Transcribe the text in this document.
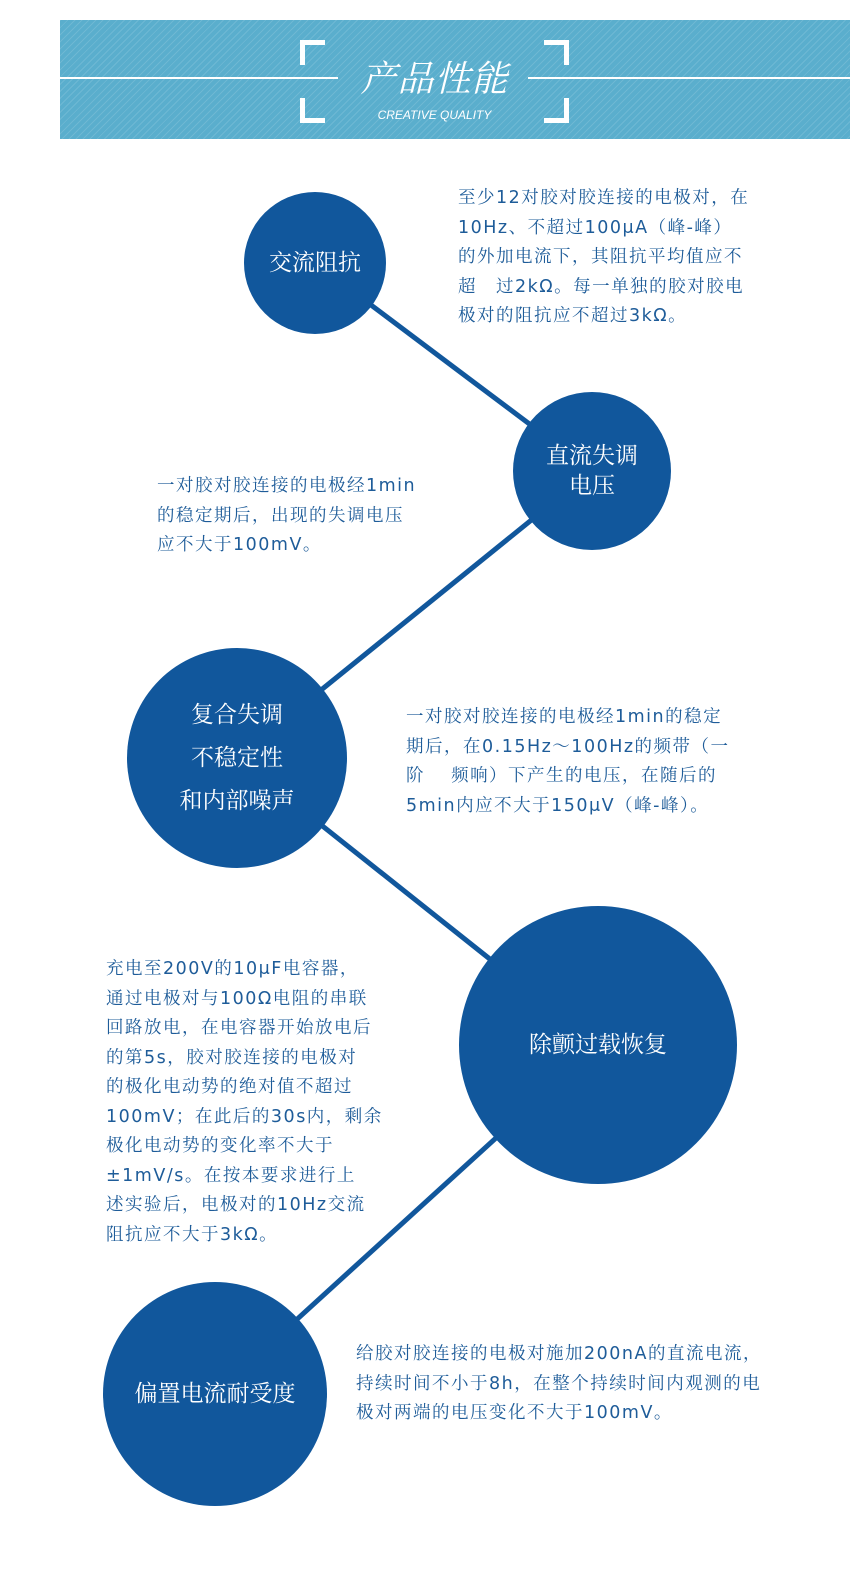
产品性能
CREATIVE QUALITY
交流阻抗
直流失调
电压
复合失调
不稳定性
和内部噪声
除颤过载恢复
偏置电流耐受度

至少12对胶对胶连接的电极对，在
10Hz、不超过100μA（峰-峰）
的外加电流下，其阻抗平均值应不
超　过2kΩ。每一单独的胶对胶电
极对的阻抗应不超过3kΩ。

一对胶对胶连接的电极经1min
的稳定期后，出现的失调电压
应不大于100mV。

一对胶对胶连接的电极经1min的稳定
期后，在0.15Hz～100Hz的频带（一
阶　 频响）下产生的电压，在随后的
5min内应不大于150μV（峰-峰）。

充电至200V的10μF电容器，
通过电极对与100Ω电阻的串联
回路放电，在电容器开始放电后
的第5s，胶对胶连接的电极对
的极化电动势的绝对值不超过
100mV；在此后的30s内，剩余
极化电动势的变化率不大于
±1mV/s。在按本要求进行上
述实验后，电极对的10Hz交流
阻抗应不大于3kΩ。

给胶对胶连接的电极对施加200nA的直流电流，
持续时间不小于8h，在整个持续时间内观测的电
极对两端的电压变化不大于100mV。
